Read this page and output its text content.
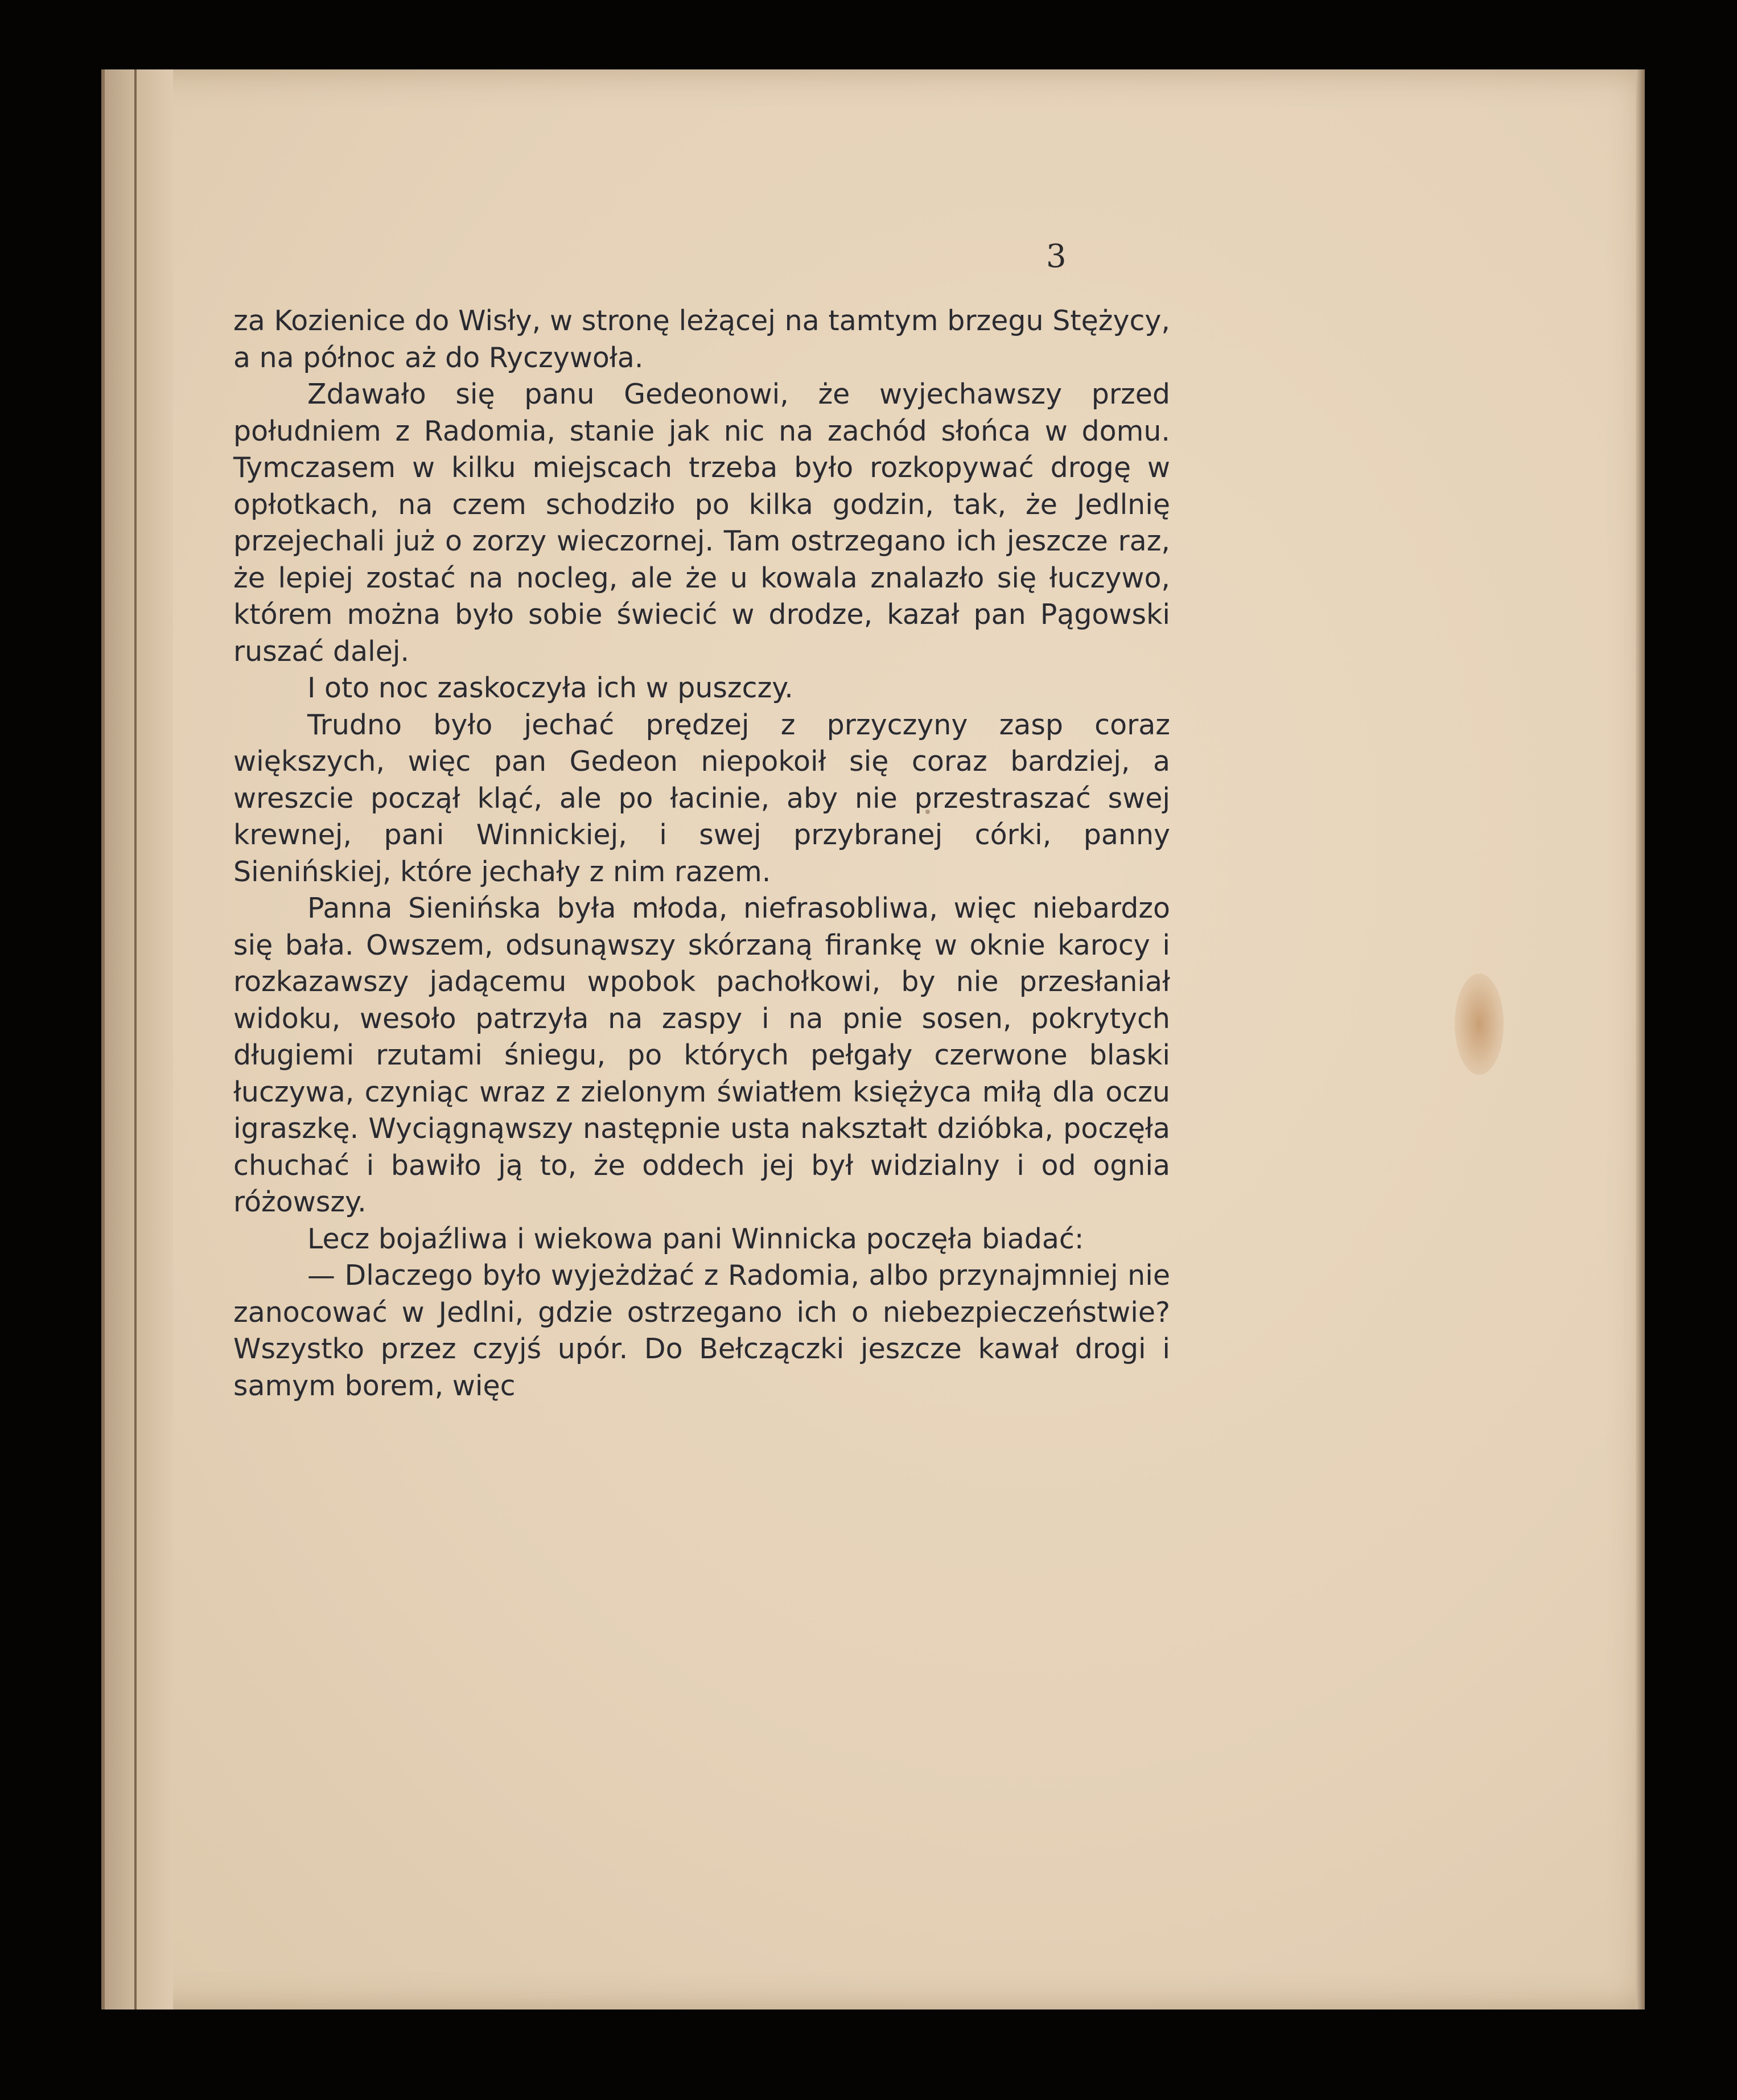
3

za Kozienice do Wisły, w stronę leżącej na tamtym brzegu Stężycy, a na północ aż do Ryczywoła.

Zdawało się panu Gedeonowi, że wyjechawszy przed południem z Radomia, stanie jak nic na zachód słońca w domu. Tymczasem w kilku miejscach trzeba było rozkopywać drogę w opłotkach, na czem schodziło po kilka godzin, tak, że Jedlnię przejechali już o zorzy wieczornej. Tam ostrzegano ich jeszcze raz, że lepiej zostać na nocleg, ale że u kowala znalazło się łuczywo, którem można było sobie świecić w drodze, kazał pan Pągowski ruszać dalej.

I oto noc zaskoczyła ich w puszczy.

Trudno było jechać prędzej z przyczyny zasp coraz większych, więc pan Gedeon niepokoił się coraz bardziej, a wreszcie począł kląć, ale po łacinie, aby nie przestraszać swej krewnej, pani Winnickiej, i swej przybranej córki, panny Sienińskiej, które jechały z nim razem.

Panna Sienińska była młoda, niefrasobliwa, więc niebardzo się bała. Owszem, odsunąwszy skórzaną firankę w oknie karocy i rozkazawszy jadącemu wpobok pachołkowi, by nie przesłaniał widoku, wesoło patrzyła na zaspy i na pnie sosen, pokrytych długiemi rzutami śniegu, po których pełgały czerwone blaski łuczywa, czyniąc wraz z zielonym światłem księżyca miłą dla oczu igraszkę. Wyciągnąwszy następnie usta nakształt dzióbka, poczęła chuchać i bawiło ją to, że oddech jej był widzialny i od ognia różowszy.

Lecz bojaźliwa i wiekowa pani Winnicka poczęła biadać:

— Dlaczego było wyjeżdżać z Radomia, albo przynajmniej nie zanocować w Jedlni, gdzie ostrzegano ich o niebezpieczeństwie? Wszystko przez czyjś upór. Do Bełczączki jeszcze kawał drogi i samym borem, więc
